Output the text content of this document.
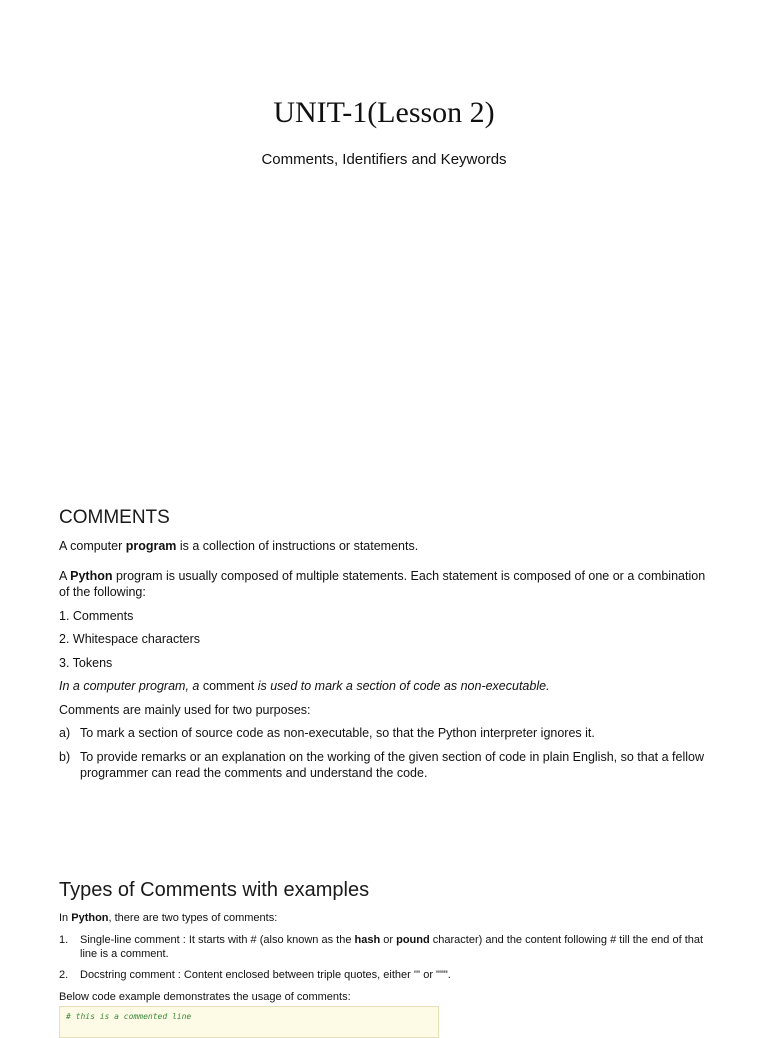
UNIT-1(Lesson 2)
Comments, Identifiers and Keywords
COMMENTS
A computer program is a collection of instructions or statements.
A Python program is usually composed of multiple statements. Each statement is composed of one or a combination of the following:
1. Comments
2. Whitespace characters
3. Tokens
In a computer program, a comment is used to mark a section of code as non-executable.
Comments are mainly used for two purposes:
a) To mark a section of source code as non-executable, so that the Python interpreter ignores it.
b) To provide remarks or an explanation on the working of the given section of code in plain English, so that a fellow programmer can read the comments and understand the code.
Types of Comments with examples
In Python, there are two types of comments:
1. Single-line comment : It starts with # (also known as the hash or pound character) and the content following # till the end of that line is a comment.
2. Docstring comment : Content enclosed between triple quotes, either ''' or """.
Below code example demonstrates the usage of comments:
# this is a commented line
